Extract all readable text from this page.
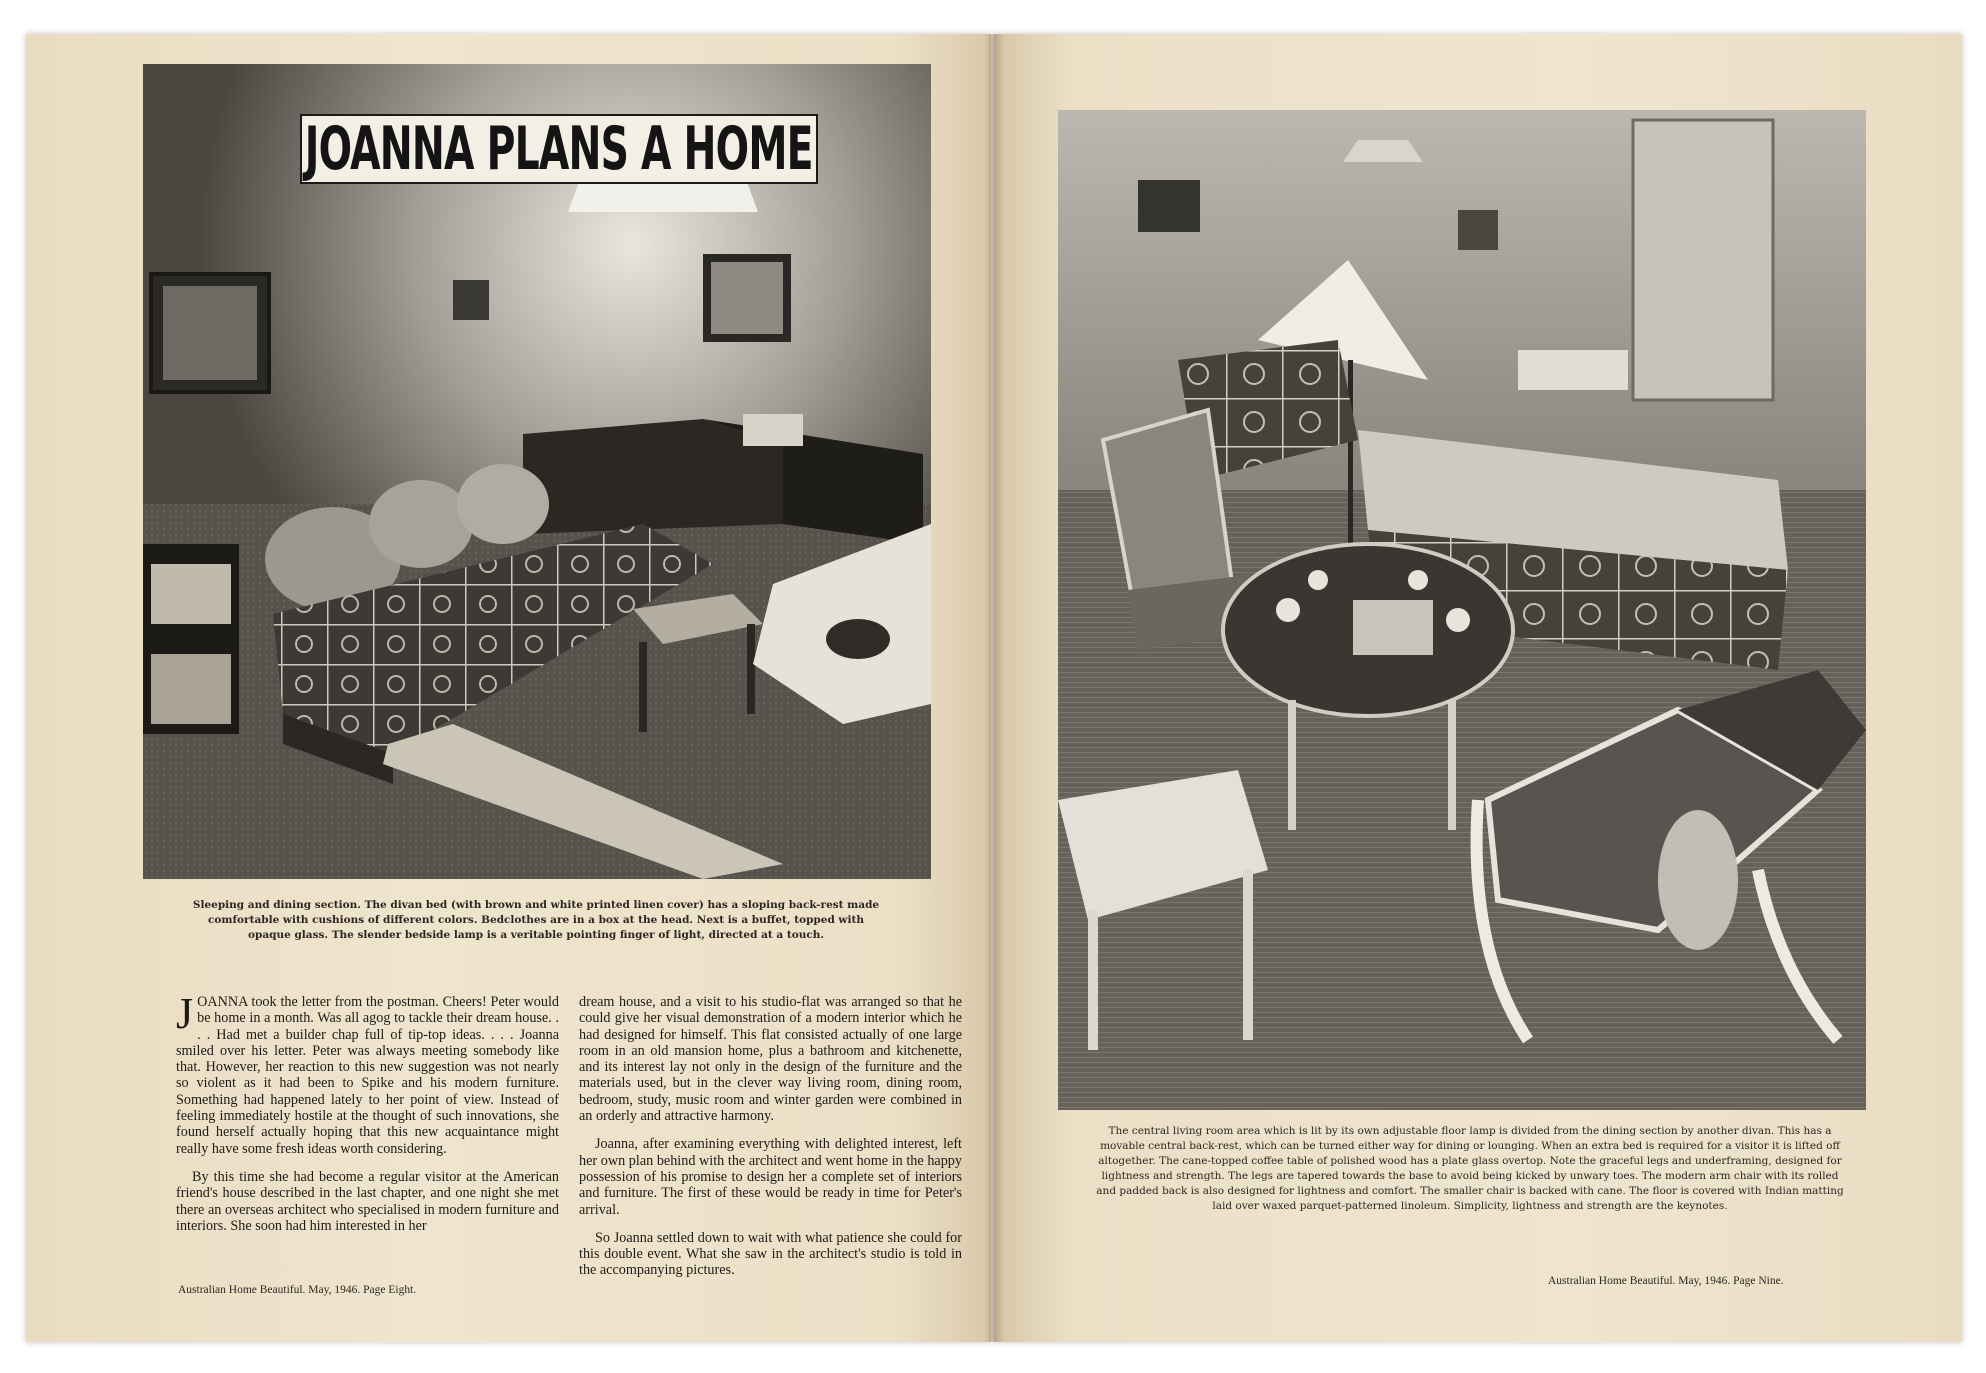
JOANNA PLANS A HOME
Sleeping and dining section. The divan bed (with brown and white printed linen cover) has a sloping back-rest made comfortable with cushions of different colors. Bedclothes are in a box at the head. Next is a buffet, topped with opaque glass. The slender bedside lamp is a veritable pointing finger of light, directed at a touch.

JOANNA took the letter from the postman. Cheers! Peter would be home in a month. Was all agog to tackle their dream house. . . . Had met a builder chap full of tip-top ideas. . . . Joanna smiled over his letter. Peter was always meeting somebody like that. However, her reaction to this new suggestion was not nearly so violent as it had been to Spike and his modern furniture. Something had happened lately to her point of view. Instead of feeling immediately hostile at the thought of such innovations, she found herself actually hoping that this new acquaintance might really have some fresh ideas worth considering.

By this time she had become a regular visitor at the American friend's house described in the last chapter, and one night she met there an overseas architect who specialised in modern furniture and interiors. She soon had him interested in her

dream house, and a visit to his studio-flat was arranged so that he could give her visual demonstration of a modern interior which he had designed for himself. This flat consisted actually of one large room in an old mansion home, plus a bathroom and kitchenette, and its interest lay not only in the design of the furniture and the materials used, but in the clever way living room, dining room, bedroom, study, music room and winter garden were combined in an orderly and attractive harmony.

Joanna, after examining everything with delighted interest, left her own plan behind with the architect and went home in the happy possession of his promise to design her a complete set of interiors and furniture. The first of these would be ready in time for Peter's arrival.

So Joanna settled down to wait with what patience she could for this double event. What she saw in the architect's studio is told in the accompanying pictures.

Australian Home Beautiful. May, 1946. Page Eight.
The central living room area which is lit by its own adjustable floor lamp is divided from the dining section by another divan. This has a movable central back-rest, which can be turned either way for dining or lounging. When an extra bed is required for a visitor it is lifted off altogether. The cane-topped coffee table of polished wood has a plate glass overtop. Note the graceful legs and underframing, designed for lightness and strength. The legs are tapered towards the base to avoid being kicked by unwary toes. The modern arm chair with its rolled and padded back is also designed for lightness and comfort. The smaller chair is backed with cane. The floor is covered with Indian matting laid over waxed parquet-patterned linoleum. Simplicity, lightness and strength are the keynotes.
Australian Home Beautiful. May, 1946. Page Nine.
